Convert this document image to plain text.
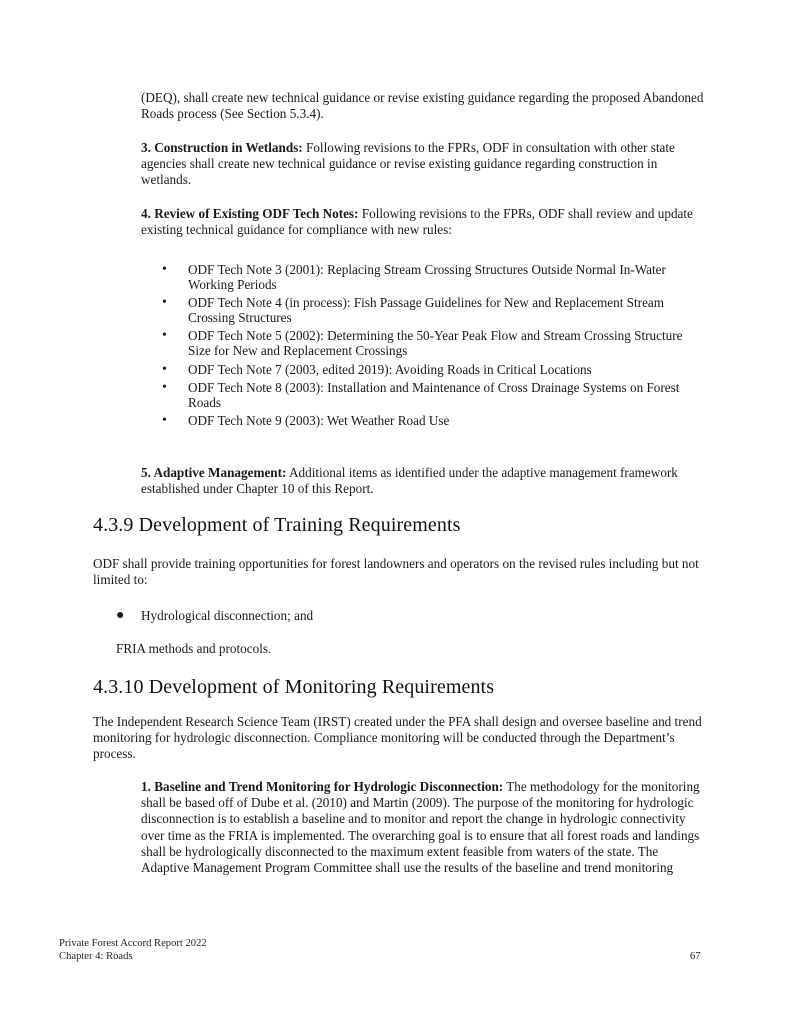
(DEQ), shall create new technical guidance or revise existing guidance regarding the proposed Abandoned Roads process (See Section 5.3.4).

3. Construction in Wetlands: Following revisions to the FPRs, ODF in consultation with other state agencies shall create new technical guidance or revise existing guidance regarding construction in wetlands.

4. Review of Existing ODF Tech Notes: Following revisions to the FPRs, ODF shall review and update existing technical guidance for compliance with new rules:

• ODF Tech Note 3 (2001): Replacing Stream Crossing Structures Outside Normal In-Water Working Periods
• ODF Tech Note 4 (in process): Fish Passage Guidelines for New and Replacement Stream Crossing Structures
• ODF Tech Note 5 (2002): Determining the 50-Year Peak Flow and Stream Crossing Structure Size for New and Replacement Crossings
• ODF Tech Note 7 (2003, edited 2019): Avoiding Roads in Critical Locations
• ODF Tech Note 8 (2003): Installation and Maintenance of Cross Drainage Systems on Forest Roads
• ODF Tech Note 9 (2003): Wet Weather Road Use

5. Adaptive Management: Additional items as identified under the adaptive management framework established under Chapter 10 of this Report.

4.3.9 Development of Training Requirements

ODF shall provide training opportunities for forest landowners and operators on the revised rules including but not limited to:

● Hydrological disconnection; and

FRIA methods and protocols.

4.3.10 Development of Monitoring Requirements

The Independent Research Science Team (IRST) created under the PFA shall design and oversee baseline and trend monitoring for hydrologic disconnection. Compliance monitoring will be conducted through the Department’s process.

1. Baseline and Trend Monitoring for Hydrologic Disconnection: The methodology for the monitoring shall be based off of Dube et al. (2010) and Martin (2009). The purpose of the monitoring for hydrologic disconnection is to establish a baseline and to monitor and report the change in hydrologic connectivity over time as the FRIA is implemented. The overarching goal is to ensure that all forest roads and landings shall be hydrologically disconnected to the maximum extent feasible from waters of the state. The Adaptive Management Program Committee shall use the results of the baseline and trend monitoring

Private Forest Accord Report 2022
Chapter 4: Roads	67
